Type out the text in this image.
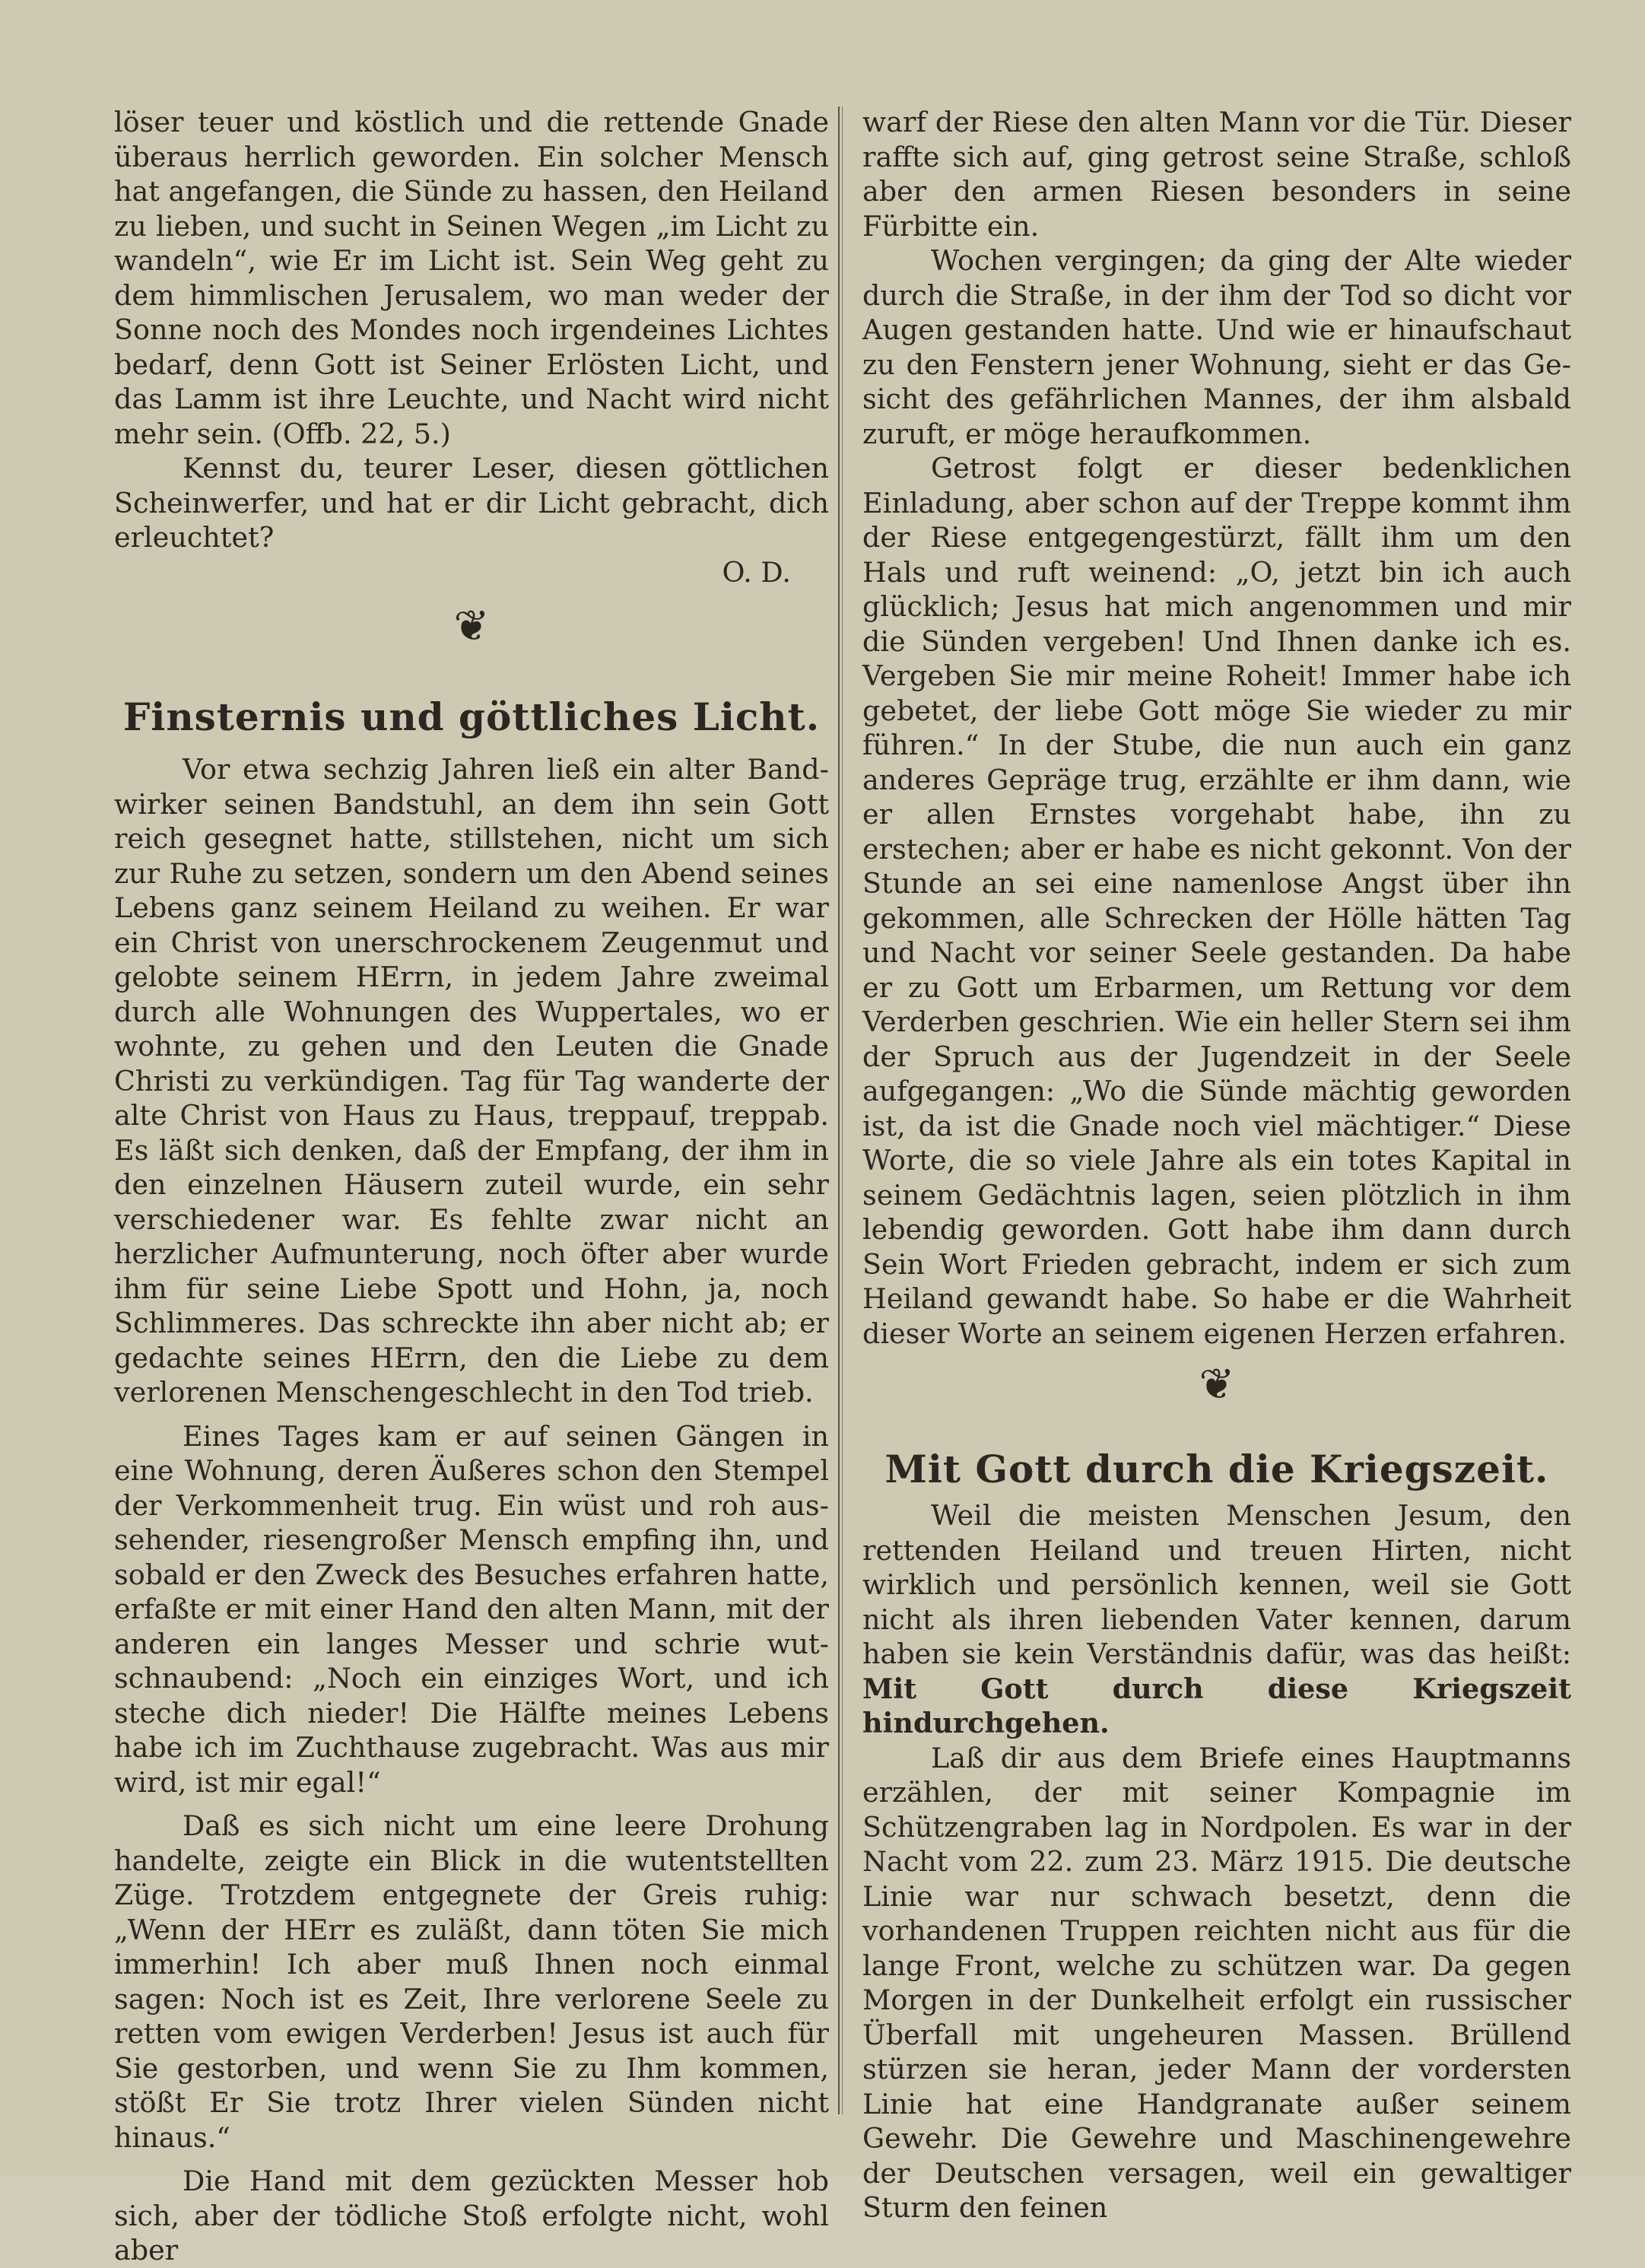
löser teuer und köstlich und die rettende Gnade überaus herrlich geworden. Ein solcher Mensch hat angefangen, die Sünde zu hassen, den Heiland zu lieben, und sucht in Seinen Wegen „im Licht zu wandeln“, wie Er im Licht ist. Sein Weg geht zu dem himmlischen Jerusalem, wo man weder der Sonne noch des Mondes noch irgendeines Lichtes bedarf, denn Gott ist Seiner Erlösten Licht, und das Lamm ist ihre Leuchte, und Nacht wird nicht mehr sein. (Offb. 22, 5.)

Kennst du, teurer Leser, diesen göttlichen Scheinwerfer, und hat er dir Licht gebracht, dich erleuchtet?

O. D.

❦
Finsternis und göttliches Licht.

Vor etwa sechzig Jahren ließ ein alter Bandwirker seinen Bandstuhl, an dem ihn sein Gott reich gesegnet hatte, stillstehen, nicht um sich zur Ruhe zu setzen, sondern um den Abend seines Lebens ganz seinem Heiland zu weihen. Er war ein Christ von unerschrockenem Zeugenmut und gelobte seinem HErrn, in jedem Jahre zweimal durch alle Wohnungen des Wuppertales, wo er wohnte, zu gehen und den Leuten die Gnade Christi zu verkündigen. Tag für Tag wanderte der alte Christ von Haus zu Haus, treppauf, treppab. Es läßt sich denken, daß der Empfang, der ihm in den einzelnen Häusern zuteil wurde, ein sehr verschiedener war. Es fehlte zwar nicht an herzlicher Aufmunterung, noch öfter aber wurde ihm für seine Liebe Spott und Hohn, ja, noch Schlimmeres. Das schreckte ihn aber nicht ab; er gedachte seines HErrn, den die Liebe zu dem verlorenen Menschengeschlecht in den Tod trieb.

Eines Tages kam er auf seinen Gängen in eine Wohnung, deren Äußeres schon den Stempel der Verkommenheit trug. Ein wüst und roh aussehender, riesengroßer Mensch empfing ihn, und sobald er den Zweck des Besuches erfahren hatte, erfaßte er mit einer Hand den alten Mann, mit der anderen ein langes Messer und schrie wutschnaubend: „Noch ein einziges Wort, und ich steche dich nieder! Die Hälfte meines Lebens habe ich im Zuchthause zugebracht. Was aus mir wird, ist mir egal!“

Daß es sich nicht um eine leere Drohung handelte, zeigte ein Blick in die wutentstellten Züge. Trotzdem entgegnete der Greis ruhig: „Wenn der HErr es zuläßt, dann töten Sie mich immerhin! Ich aber muß Ihnen noch einmal sagen: Noch ist es Zeit, Ihre verlorene Seele zu retten vom ewigen Verderben! Jesus ist auch für Sie gestorben, und wenn Sie zu Ihm kommen, stößt Er Sie trotz Ihrer vielen Sünden nicht hinaus.“

Die Hand mit dem gezückten Messer hob sich, aber der tödliche Stoß erfolgte nicht, wohl aber

warf der Riese den alten Mann vor die Tür. Dieser raffte sich auf, ging getrost seine Straße, schloß aber den armen Riesen besonders in seine Fürbitte ein.

Wochen vergingen; da ging der Alte wieder durch die Straße, in der ihm der Tod so dicht vor Augen gestanden hatte. Und wie er hinaufschaut zu den Fenstern jener Wohnung, sieht er das Gesicht des gefährlichen Mannes, der ihm alsbald zuruft, er möge heraufkommen.

Getrost folgt er dieser bedenklichen Einladung, aber schon auf der Treppe kommt ihm der Riese entgegengestürzt, fällt ihm um den Hals und ruft weinend: „O, jetzt bin ich auch glücklich; Jesus hat mich angenommen und mir die Sünden vergeben! Und Ihnen danke ich es. Vergeben Sie mir meine Roheit! Immer habe ich gebetet, der liebe Gott möge Sie wieder zu mir führen.“ In der Stube, die nun auch ein ganz anderes Gepräge trug, erzählte er ihm dann, wie er allen Ernstes vorgehabt habe, ihn zu erstechen; aber er habe es nicht gekonnt. Von der Stunde an sei eine namenlose Angst über ihn gekommen, alle Schrecken der Hölle hätten Tag und Nacht vor seiner Seele gestanden. Da habe er zu Gott um Erbarmen, um Rettung vor dem Verderben geschrien. Wie ein heller Stern sei ihm der Spruch aus der Jugendzeit in der Seele aufgegangen: „Wo die Sünde mächtig geworden ist, da ist die Gnade noch viel mächtiger.“ Diese Worte, die so viele Jahre als ein totes Kapital in seinem Gedächtnis lagen, seien plötzlich in ihm lebendig geworden. Gott habe ihm dann durch Sein Wort Frieden gebracht, indem er sich zum Heiland gewandt habe. So habe er die Wahrheit dieser Worte an seinem eigenen Herzen erfahren.

❦
Mit Gott durch die Kriegszeit.

Weil die meisten Menschen Jesum, den rettenden Heiland und treuen Hirten, nicht wirklich und persönlich kennen, weil sie Gott nicht als ihren liebenden Vater kennen, darum haben sie kein Verständnis dafür, was das heißt: Mit Gott durch diese Kriegszeit hindurchgehen.

Laß dir aus dem Briefe eines Hauptmanns erzählen, der mit seiner Kompagnie im Schützengraben lag in Nordpolen. Es war in der Nacht vom 22. zum 23. März 1915. Die deutsche Linie war nur schwach besetzt, denn die vorhandenen Truppen reichten nicht aus für die lange Front, welche zu schützen war. Da gegen Morgen in der Dunkelheit erfolgt ein russischer Überfall mit ungeheuren Massen. Brüllend stürzen sie heran, jeder Mann der vordersten Linie hat eine Handgranate außer seinem Gewehr. Die Gewehre und Maschinengewehre der Deutschen versagen, weil ein gewaltiger Sturm den feinen
